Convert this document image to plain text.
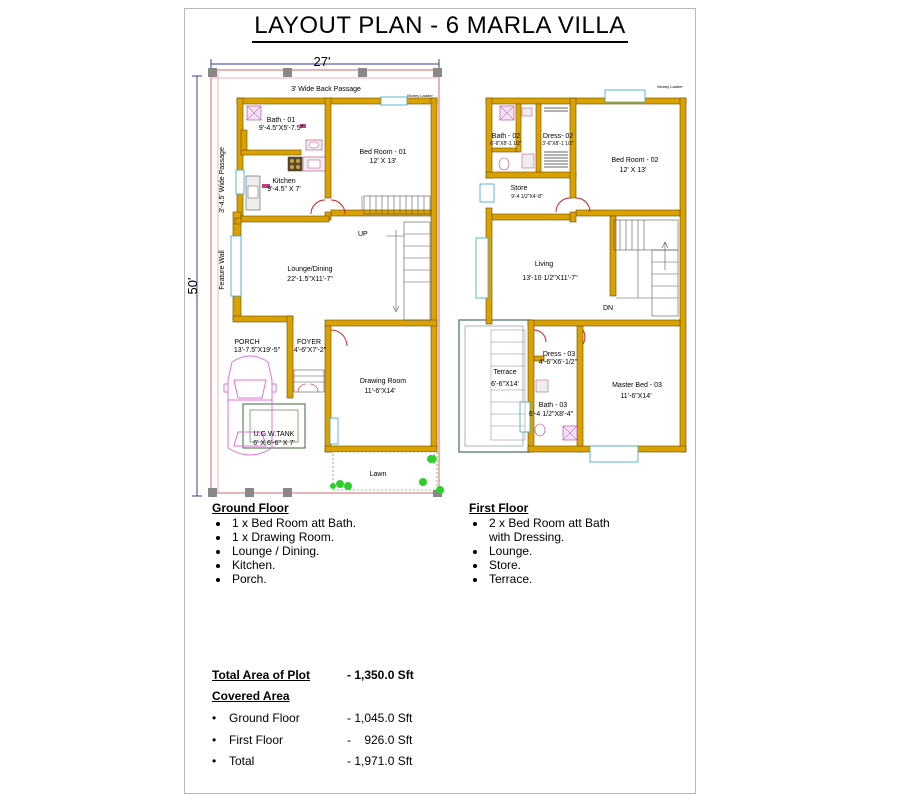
LAYOUT PLAN - 6 MARLA VILLA
27'
50'
3' Wide Back Passage
Money Ladder
3'-4.5' Wide Passage
Feature Wall
UP
U.G.W.TANK
6' X 6'-6" X 7'
Lawn
Bath - 01
9'-4.5"X5'-7.5"
Kitchen
9'-4.5" X 7'
Bed Room - 01
12' X 13'
Lounge/Dining
22'-1.5"X11'-7"
PORCH
13'-7.5"X19'-5"
FOYER
4'-6"X7'-2"
Drawing Room
11'-6"X14'
DN
Money Ladder
Bath - 02
6'-6"X8'-1 1/2"
Dress- 02
3'-6"X8'-1 1/2"
Bed Room - 02
12' X 13'
Store
9'-4 1/2"X4'-8"
Living
13'-10 1/2"X11'-7"
Dress - 03
4'-6"X6'-1/2"
Terrace
6'-6"X14'
Bath - 03
6'-4 1/2"X8'-4"
Master Bed - 03
11'-6"X14'
Ground Floor
• 1 x Bed Room att Bath.
• 1 x Drawing Room.
• Lounge / Dining.
• Kitchen.
• Porch.
First Floor
• 2 x Bed Room att Bath with Dressing.
• Lounge.
• Store.
• Terrace.
Total Area of Plot	- 1,350.0 Sft
Covered Area
• Ground Floor	- 1,045.0 Sft
• First Floor	-    926.0 Sft
• Total	- 1,971.0 Sft
